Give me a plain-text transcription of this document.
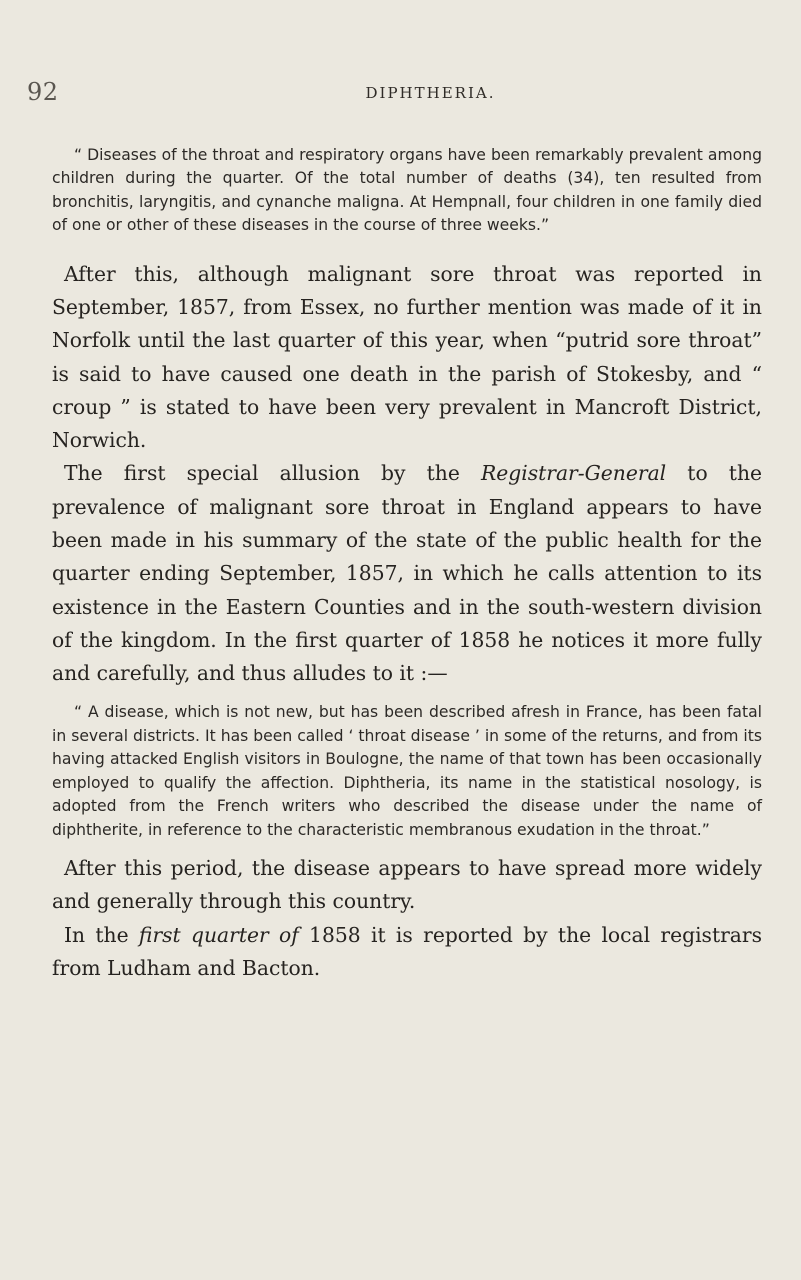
92	DIPHTHERIA.

“ Diseases of the throat and respiratory organs have been remarkably prevalent among children during the quarter. Of the total number of deaths (34), ten resulted from bronchitis, laryngitis, and cynanche maligna. At Hempnall, four children in one family died of one or other of these diseases in the course of three weeks.”

After this, although malignant sore throat was reported in September, 1857, from Essex, no further mention was made of it in Norfolk until the last quarter of this year, when “putrid sore throat” is said to have caused one death in the parish of Stokesby, and “ croup ” is stated to have been very prevalent in Mancroft District, Norwich.

The first special allusion by the Registrar-General to the prevalence of malignant sore throat in England appears to have been made in his summary of the state of the public health for the quarter ending September, 1857, in which he calls attention to its existence in the Eastern Counties and in the south-western division of the kingdom. In the first quarter of 1858 he notices it more fully and carefully, and thus alludes to it :—

“ A disease, which is not new, but has been described afresh in France, has been fatal in several districts. It has been called ‘ throat disease ’ in some of the returns, and from its having attacked English visitors in Boulogne, the name of that town has been occasionally employed to qualify the affection. Diphtheria, its name in the statistical nosology, is adopted from the French writers who described the disease under the name of diphtherite, in reference to the characteristic membranous exudation in the throat.”

After this period, the disease appears to have spread more widely and generally through this country.

In the first quarter of 1858 it is reported by the local registrars from Ludham and Bacton.
